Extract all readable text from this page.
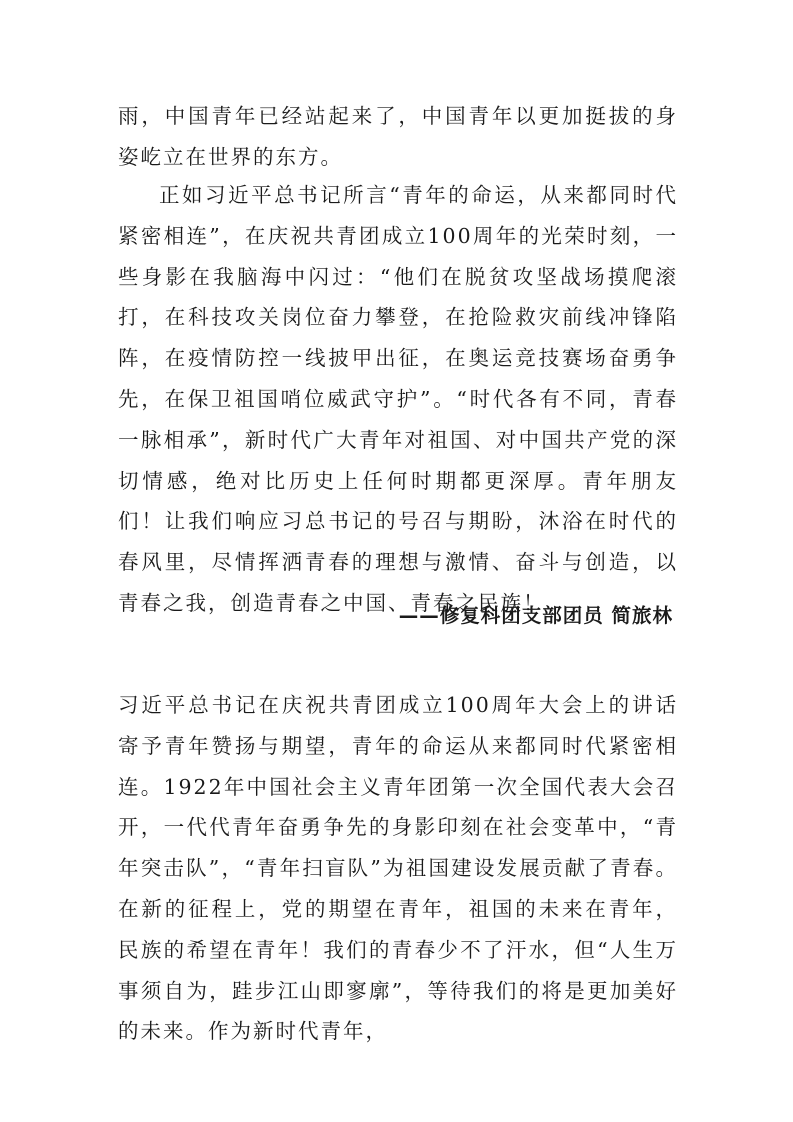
雨，中国青年已经站起来了，中国青年以更加挺拔的身姿屹立在世界的东方。

正如习近平总书记所言“青年的命运，从来都同时代紧密相连”，在庆祝共青团成立100周年的光荣时刻，一些身影在我脑海中闪过：“他们在脱贫攻坚战场摸爬滚打，在科技攻关岗位奋力攀登，在抢险救灾前线冲锋陷阵，在疫情防控一线披甲出征，在奥运竞技赛场奋勇争先，在保卫祖国哨位威武守护”。“时代各有不同，青春一脉相承”，新时代广大青年对祖国、对中国共产党的深切情感，绝对比历史上任何时期都更深厚。青年朋友们！让我们响应习总书记的号召与期盼，沐浴在时代的春风里，尽情挥洒青春的理想与激情、奋斗与创造，以青春之我，创造青春之中国、青春之民族！

——修复科团支部团员 简旅林

习近平总书记在庆祝共青团成立100周年大会上的讲话寄予青年赞扬与期望，青年的命运从来都同时代紧密相连。1922年中国社会主义青年团第一次全国代表大会召开，一代代青年奋勇争先的身影印刻在社会变革中，“青年突击队”，“青年扫盲队”为祖国建设发展贡献了青春。在新的征程上，党的期望在青年，祖国的未来在青年，民族的希望在青年！我们的青春少不了汗水，但“人生万事须自为，跬步江山即寥廓”，等待我们的将是更加美好的未来。作为新时代青年，
